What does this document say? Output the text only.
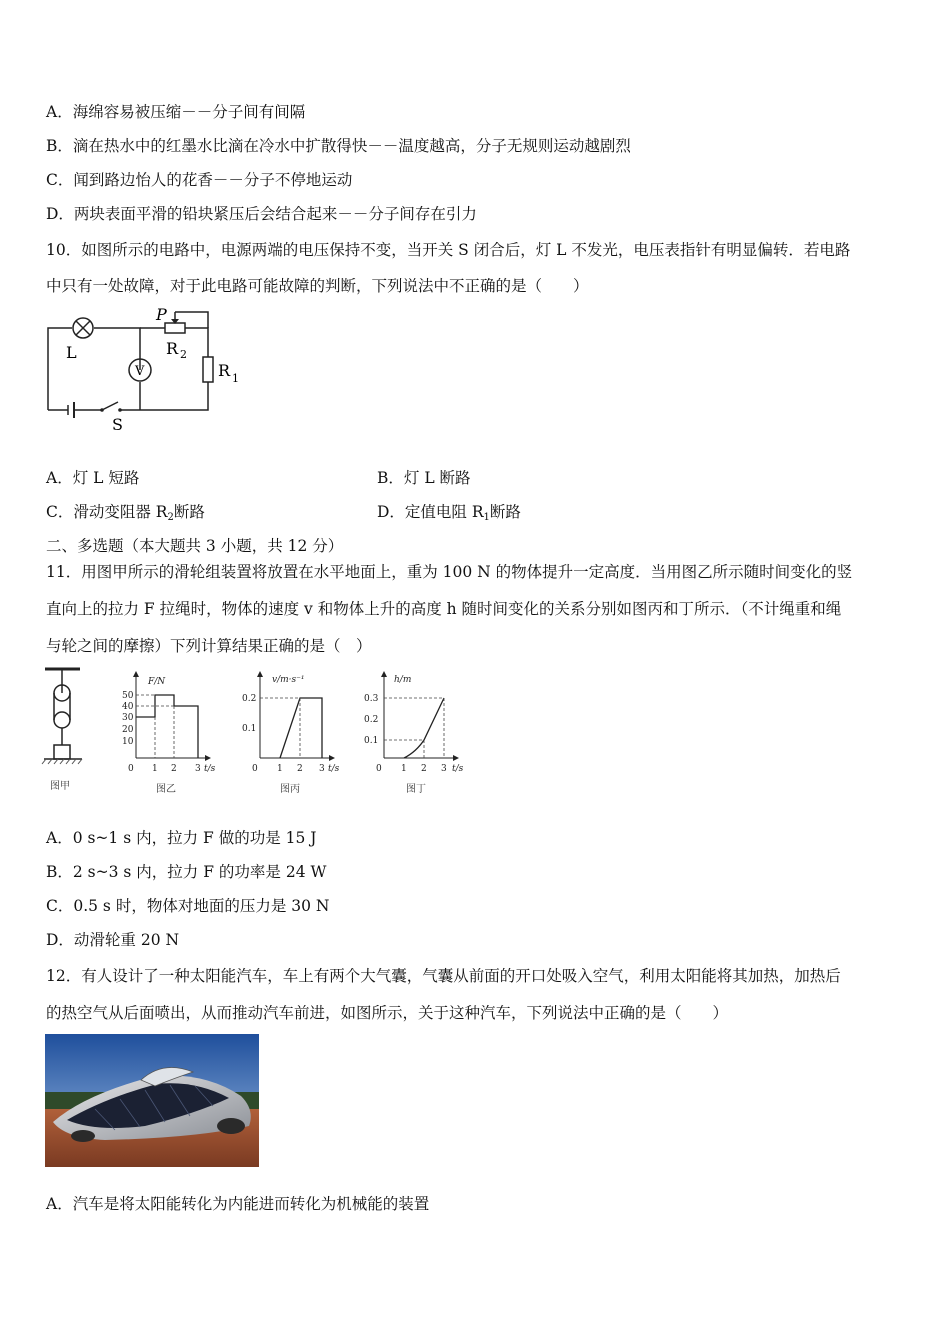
A．海绵容易被压缩－－分子间有间隔
B．滴在热水中的红墨水比滴在冷水中扩散得快－－温度越高，分子无规则运动越剧烈
C．闻到路边怡人的花香－－分子不停地运动
D．两块表面平滑的铅块紧压后会结合起来－－分子间存在引力
10．如图所示的电路中，电源两端的电压保持不变，当开关 S 闭合后，灯 L 不发光，电压表指针有明显偏转．若电路
中只有一处故障，对于此电路可能故障的判断，下列说法中不正确的是（　　）
L
V
P
R 2
R 1
S
A．灯 L 短路	B．灯 L 断路
C．滑动变阻器 $R_2$断路	D．定值电阻 $R_1$断路
二、多选题（本大题共 3 小题，共 12 分）
11．用图甲所示的滑轮组装置将放置在水平地面上，重为 100 N 的物体提升一定高度．当用图乙所示随时间变化的竖
直向上的拉力 F 拉绳时，物体的速度 v 和物体上升的高度 h 随时间变化的关系分别如图丙和丁所示．（不计绳重和绳
与轮之间的摩擦）下列计算结果正确的是（　）
图甲
F/N
50
40
30
20
10
0 1 2 3 t/s
图乙
v/m·s⁻¹
0.2
0.1
0 1 2 3 t/s
图丙
h/m
0.3
0.2
0.1
0 1 2 3 t/s
图丁
A．0 s~1 s 内，拉力 F 做的功是 15 J
B．2 s~3 s 内，拉力 F 的功率是 24 W
C．0.5 s 时，物体对地面的压力是 30 N
D．动滑轮重 20 N
12．有人设计了一种太阳能汽车，车上有两个大气囊，气囊从前面的开口处吸入空气，利用太阳能将其加热，加热后
的热空气从后面喷出，从而推动汽车前进，如图所示，关于这种汽车，下列说法中正确的是（　　）
A．汽车是将太阳能转化为内能进而转化为机械能的装置
